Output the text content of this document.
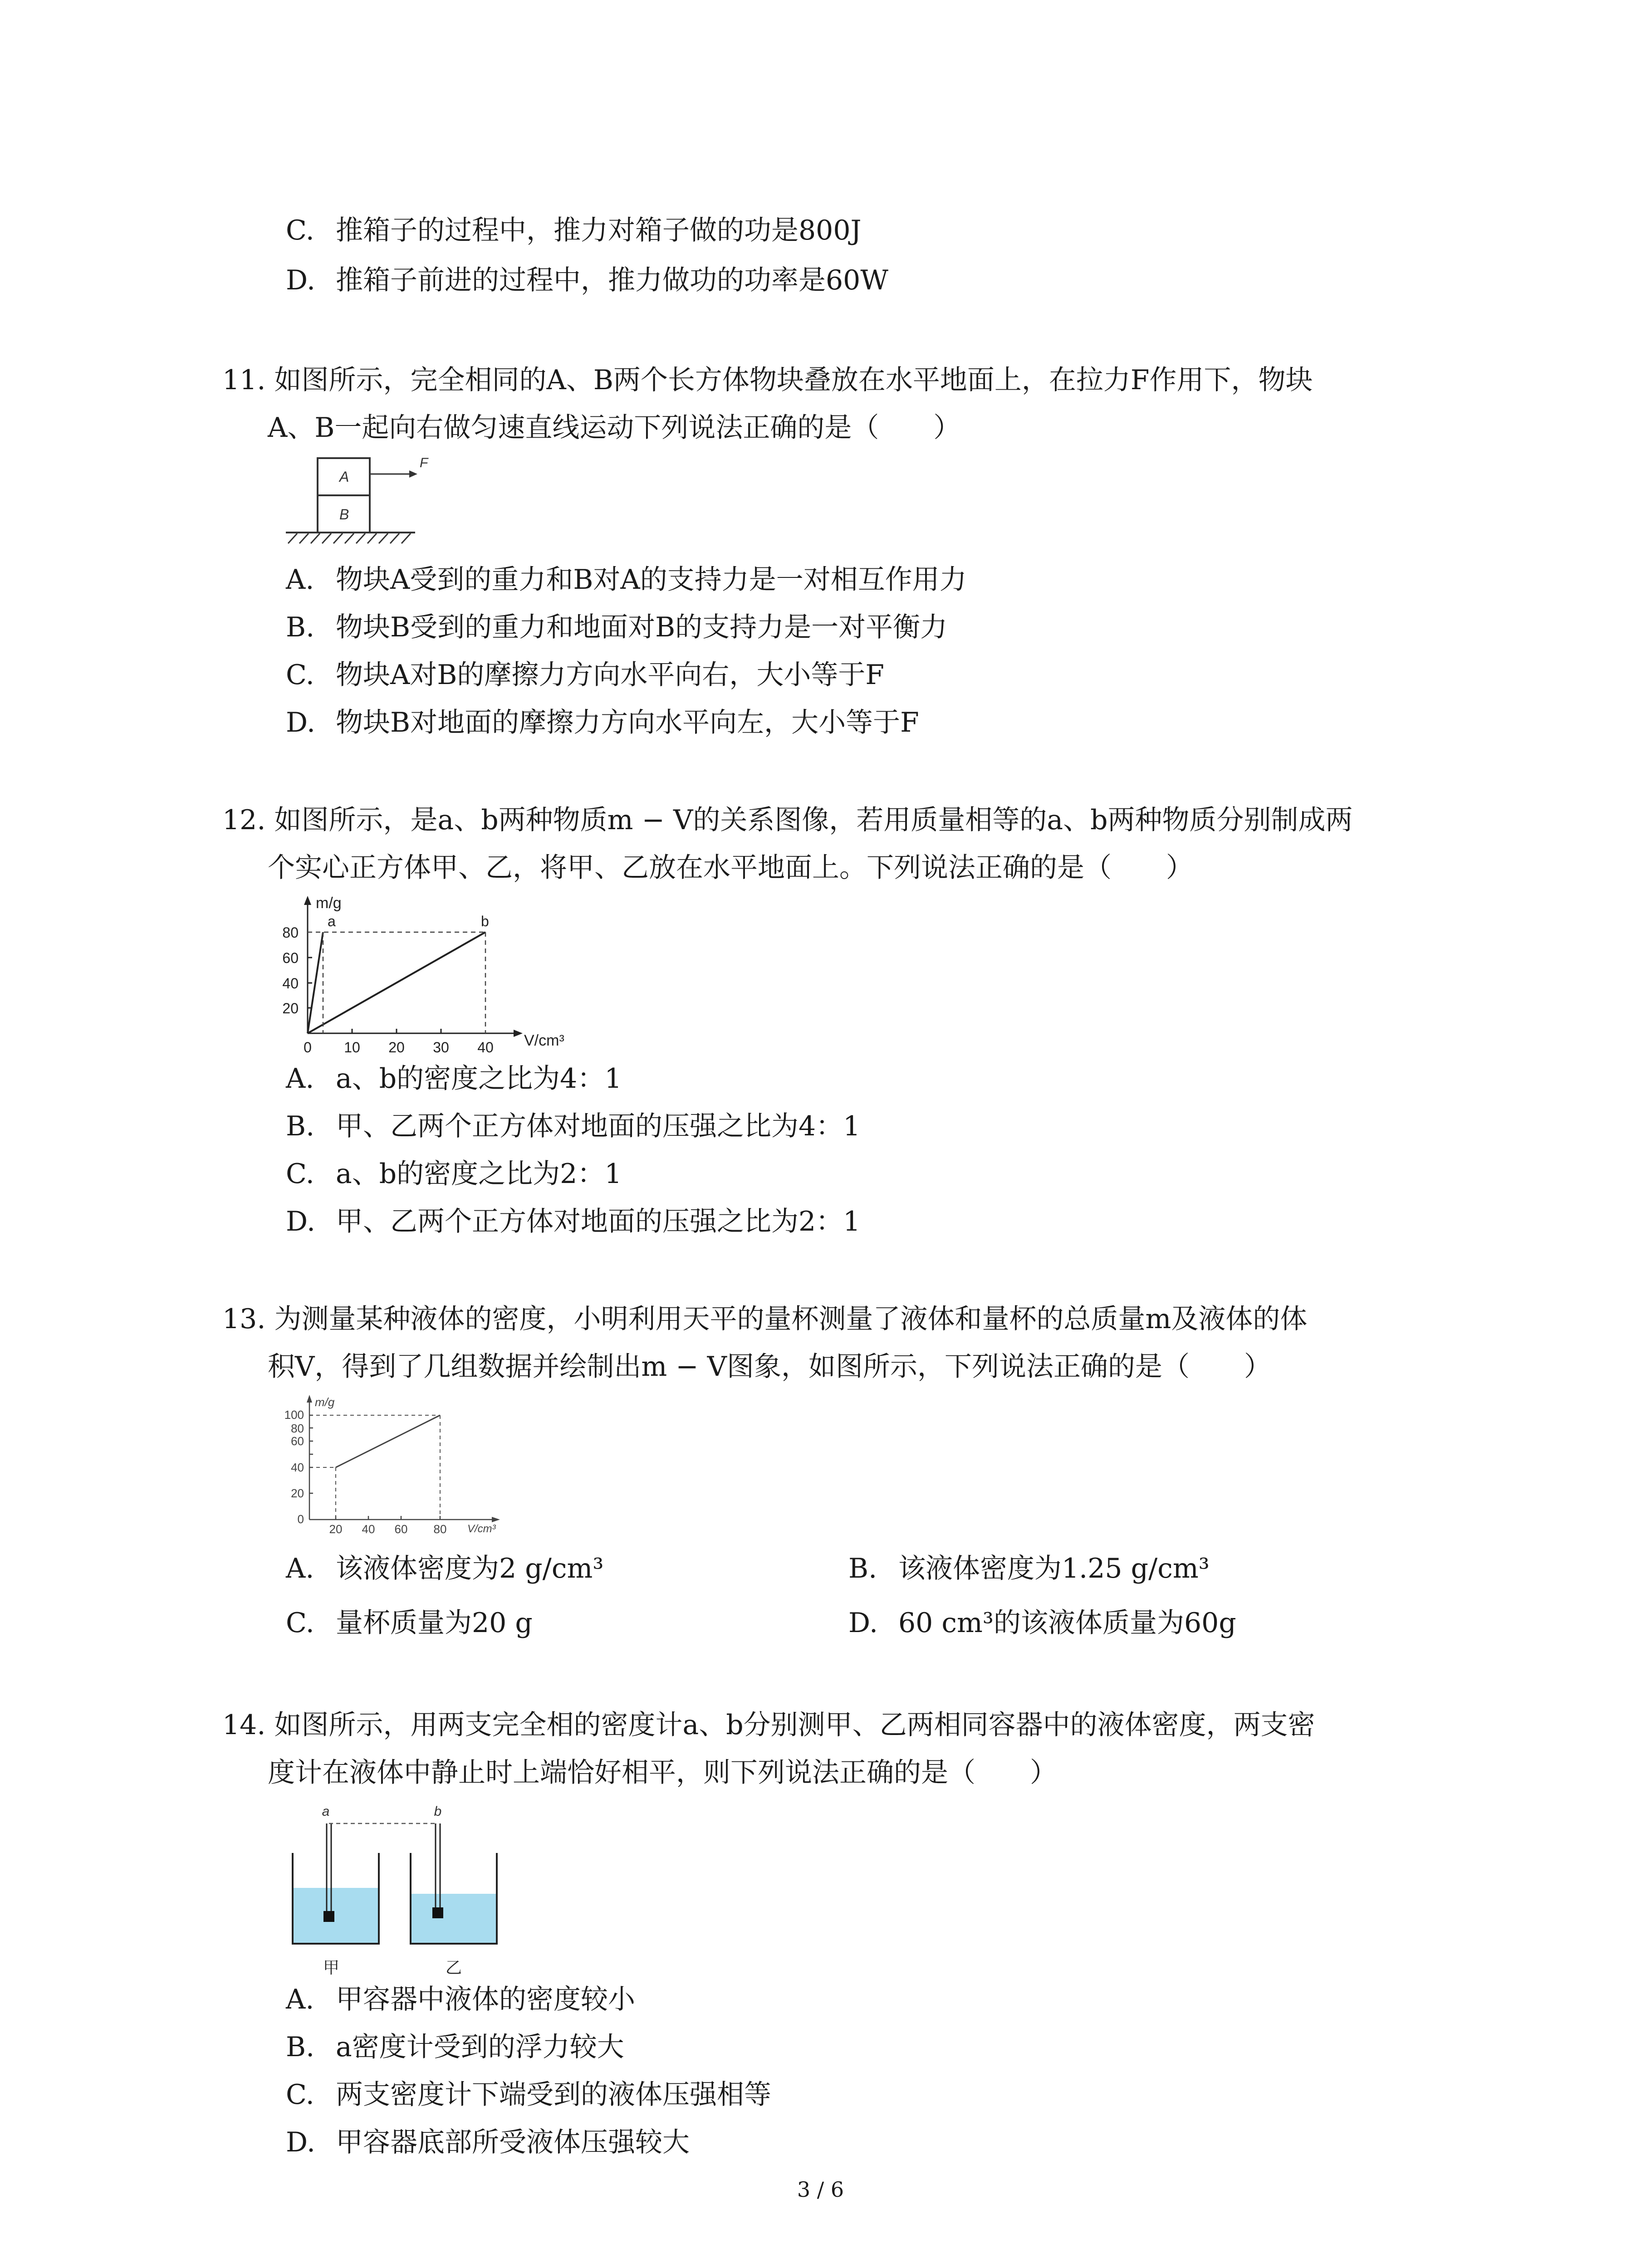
C. 推箱子的过程中，推力对箱子做的功是800J
D. 推箱子前进的过程中，推力做功的功率是60W
11. 如图所示，完全相同的A、B两个长方体物块叠放在水平地面上，在拉力F作用下，物块
A、B一起向右做匀速直线运动下列说法正确的是（　　）
A
B
F
A. 物块A受到的重力和B对A的支持力是一对相互作用力
B. 物块B受到的重力和地面对B的支持力是一对平衡力
C. 物块A对B的摩擦力方向水平向右，大小等于F
D. 物块B对地面的摩擦力方向水平向左，大小等于F
12. 如图所示，是a、b两种物质m − V的关系图像，若用质量相等的a、b两种物质分别制成两
个实心正方体甲、乙，将甲、乙放在水平地面上。下列说法正确的是（　　）
m/g
V/cm³
20
40
60
80
0 10 20 30 40
a	b
A. a、b的密度之比为4：1
B. 甲、乙两个正方体对地面的压强之比为4：1
C. a、b的密度之比为2：1
D. 甲、乙两个正方体对地面的压强之比为2：1
13. 为测量某种液体的密度，小明利用天平的量杯测量了液体和量杯的总质量m及液体的体
积V，得到了几组数据并绘制出m − V图象，如图所示，下列说法正确的是（　　）
m/g
V/cm³
0
20
40
60
80
100
20 40 60 80
A. 该液体密度为2 g/cm³	B. 该液体密度为1.25 g/cm³
C. 量杯质量为20 g	D. 60 cm³的该液体质量为60g
14. 如图所示，用两支完全相的密度计a、b分别测甲、乙两相同容器中的液体密度，两支密
度计在液体中静止时上端恰好相平，则下列说法正确的是（　　）
a	b
甲	乙
A. 甲容器中液体的密度较小
B. a密度计受到的浮力较大
C. 两支密度计下端受到的液体压强相等
D. 甲容器底部所受液体压强较大
3 / 6
